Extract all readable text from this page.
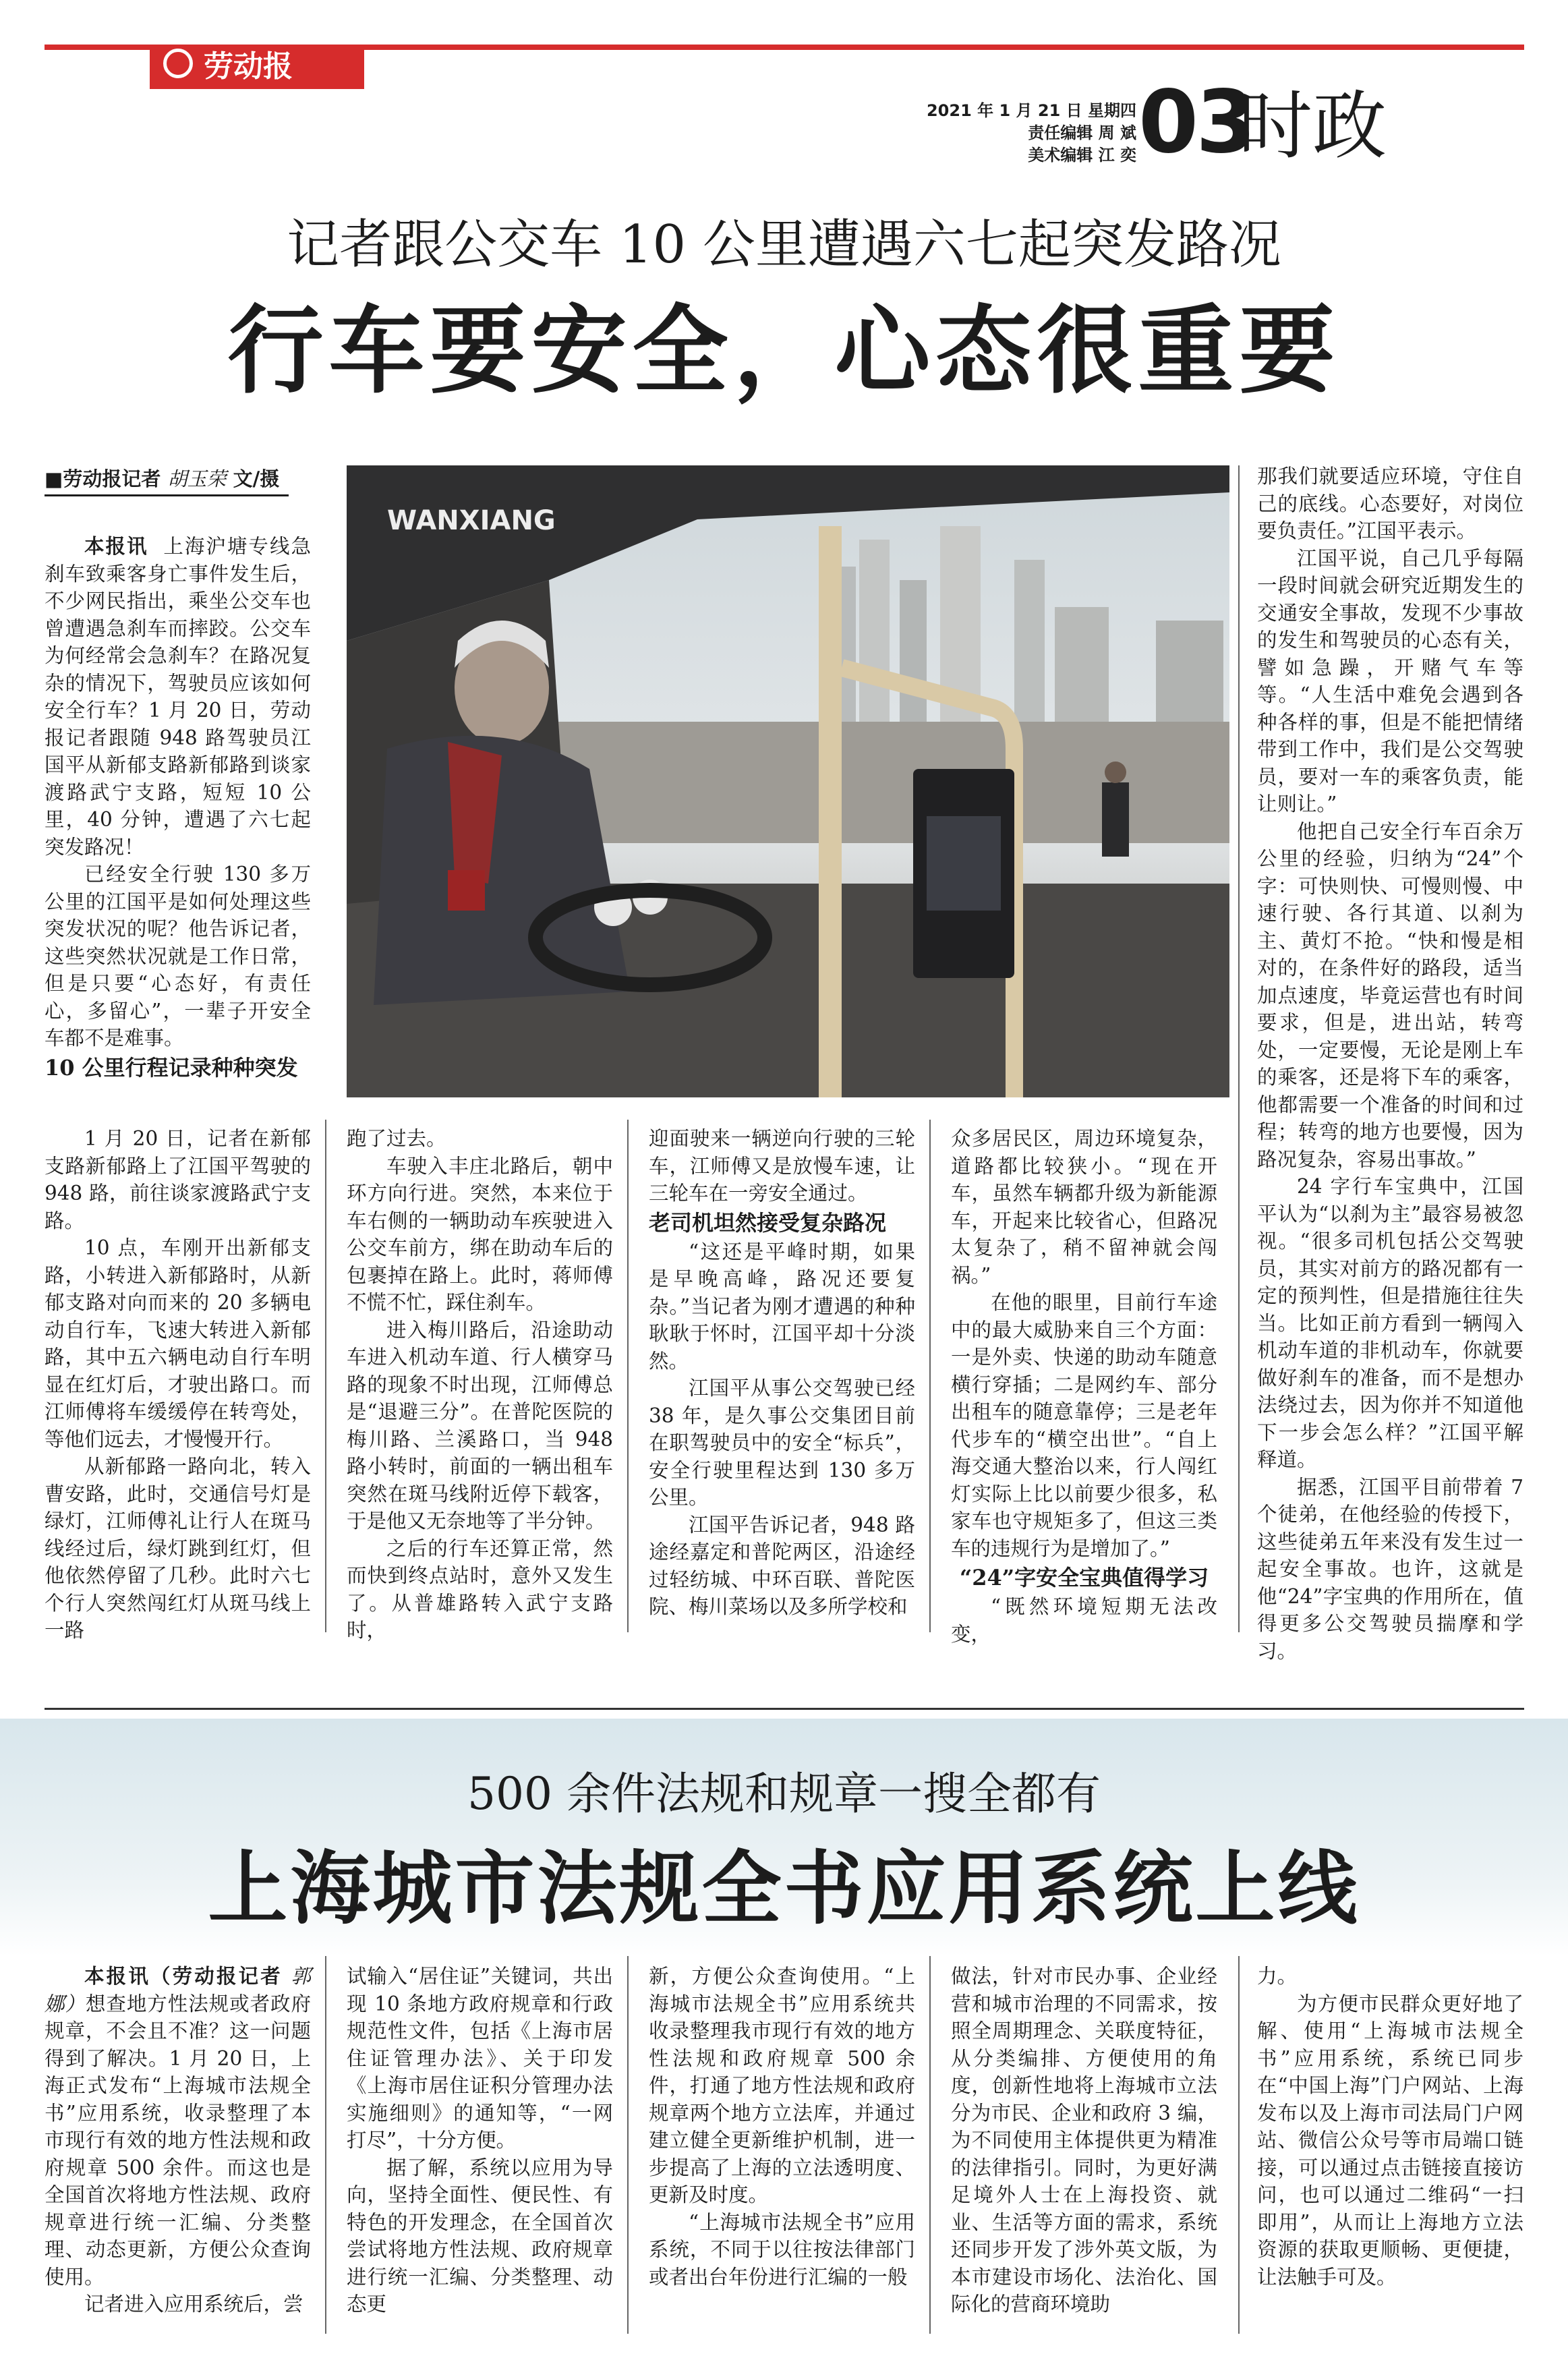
劳动报
2021 年 1 月 21 日 星期四
责任编辑 周 斌
美术编辑 江 奕 03
时政
记者跟公交车 10 公里遭遇六七起突发路况
行车要安全，心态很重要
■劳动报记者 胡玉荣 文/摄
WANXIANG

本报讯 上海沪塘专线急刹车致乘客身亡事件发生后，不少网民指出，乘坐公交车也曾遭遇急刹车而摔跤。公交车为何经常会急刹车？在路况复杂的情况下，驾驶员应该如何安全行车？1 月 20 日，劳动报记者跟随 948 路驾驶员江国平从新郁支路新郁路到谈家渡路武宁支路，短短 10 公里，40 分钟，遭遇了六七起突发路况！

已经安全行驶 130 多万公里的江国平是如何处理这些突发状况的呢？他告诉记者，这些突然状况就是工作日常，但是只要“心态好，有责任心，多留心”，一辈子开安全车都不是难事。

10 公里行程记录种种突发

1 月 20 日，记者在新郁支路新郁路上了江国平驾驶的 948 路，前往谈家渡路武宁支路。

10 点，车刚开出新郁支路，小转进入新郁路时，从新郁支路对向而来的 20 多辆电动自行车，飞速大转进入新郁路，其中五六辆电动自行车明显在红灯后，才驶出路口。而江师傅将车缓缓停在转弯处，等他们远去，才慢慢开行。

从新郁路一路向北，转入曹安路，此时，交通信号灯是绿灯，江师傅礼让行人在斑马线经过后，绿灯跳到红灯，但他依然停留了几秒。此时六七个行人突然闯红灯从斑马线上一路

跑了过去。

车驶入丰庄北路后，朝中环方向行进。突然，本来位于车右侧的一辆助动车疾驶进入公交车前方，绑在助动车后的包裹掉在路上。此时，蒋师傅不慌不忙，踩住刹车。

进入梅川路后，沿途助动车进入机动车道、行人横穿马路的现象不时出现，江师傅总是“退避三分”。在普陀医院的梅川路、兰溪路口，当 948 路小转时，前面的一辆出租车突然在斑马线附近停下载客，于是他又无奈地等了半分钟。

之后的行车还算正常，然而快到终点站时，意外又发生了。从普雄路转入武宁支路时，

迎面驶来一辆逆向行驶的三轮车，江师傅又是放慢车速，让三轮车在一旁安全通过。

老司机坦然接受复杂路况

“这还是平峰时期，如果是早晚高峰，路况还要复杂。”当记者为刚才遭遇的种种耿耿于怀时，江国平却十分淡然。

江国平从事公交驾驶已经 38 年，是久事公交集团目前在职驾驶员中的安全“标兵”，安全行驶里程达到 130 多万公里。

江国平告诉记者，948 路途经嘉定和普陀两区，沿途经过轻纺城、中环百联、普陀医院、梅川菜场以及多所学校和

众多居民区，周边环境复杂，道路都比较狭小。“现在开车，虽然车辆都升级为新能源车，开起来比较省心，但路况太复杂了，稍不留神就会闯祸。”

在他的眼里，目前行车途中的最大威胁来自三个方面：一是外卖、快递的助动车随意横行穿插；二是网约车、部分出租车的随意靠停；三是老年代步车的“横空出世”。“自上海交通大整治以来，行人闯红灯实际上比以前要少很多，私家车也守规矩多了，但这三类车的违规行为是增加了。”

“24”字安全宝典值得学习

“既然环境短期无法改变，

那我们就要适应环境，守住自己的底线。心态要好，对岗位要负责任。”江国平表示。

江国平说，自己几乎每隔一段时间就会研究近期发生的交通安全事故，发现不少事故的发生和驾驶员的心态有关，譬如急躁，开赌气车等等。“人生活中难免会遇到各种各样的事，但是不能把情绪带到工作中，我们是公交驾驶员，要对一车的乘客负责，能让则让。”

他把自己安全行车百余万公里的经验，归纳为“24”个字：可快则快、可慢则慢、中速行驶、各行其道、以刹为主、黄灯不抢。“快和慢是相对的，在条件好的路段，适当加点速度，毕竟运营也有时间要求，但是，进出站，转弯处，一定要慢，无论是刚上车的乘客，还是将下车的乘客，他都需要一个准备的时间和过程；转弯的地方也要慢，因为路况复杂，容易出事故。”

24 字行车宝典中，江国平认为“以刹为主”最容易被忽视。“很多司机包括公交驾驶员，其实对前方的路况都有一定的预判性，但是措施往往失当。比如正前方看到一辆闯入机动车道的非机动车，你就要做好刹车的准备，而不是想办法绕过去，因为你并不知道他下一步会怎么样？”江国平解释道。

据悉，江国平目前带着 7 个徒弟，在他经验的传授下，这些徒弟五年来没有发生过一起安全事故。也许，这就是他“24”字宝典的作用所在，值得更多公交驾驶员揣摩和学习。

500 余件法规和规章一搜全都有
上海城市法规全书应用系统上线

本报讯（劳动报记者 郭娜）想查地方性法规或者政府规章，不会且不准？这一问题得到了解决。1 月 20 日，上海正式发布“上海城市法规全书”应用系统，收录整理了本市现行有效的地方性法规和政府规章 500 余件。而这也是全国首次将地方性法规、政府规章进行统一汇编、分类整理、动态更新，方便公众查询使用。

记者进入应用系统后，尝

试输入“居住证”关键词，共出现 10 条地方政府规章和行政规范性文件，包括《上海市居住证管理办法》、关于印发《上海市居住证积分管理办法实施细则》的通知等，“一网打尽”，十分方便。

据了解，系统以应用为导向，坚持全面性、便民性、有特色的开发理念，在全国首次尝试将地方性法规、政府规章进行统一汇编、分类整理、动态更

新，方便公众查询使用。“上海城市法规全书”应用系统共收录整理我市现行有效的地方性法规和政府规章 500 余件，打通了地方性法规和政府规章两个地方立法库，并通过建立健全更新维护机制，进一步提高了上海的立法透明度、更新及时度。

“上海城市法规全书”应用系统，不同于以往按法律部门或者出台年份进行汇编的一般

做法，针对市民办事、企业经营和城市治理的不同需求，按照全周期理念、关联度特征，从分类编排、方便使用的角度，创新性地将上海城市立法分为市民、企业和政府 3 编，为不同使用主体提供更为精准的法律指引。同时，为更好满足境外人士在上海投资、就业、生活等方面的需求，系统还同步开发了涉外英文版，为本市建设市场化、法治化、国际化的营商环境助

力。

为方便市民群众更好地了解、使用“上海城市法规全书”应用系统，系统已同步在“中国上海”门户网站、上海发布以及上海市司法局门户网站、微信公众号等市局端口链接，可以通过点击链接直接访问，也可以通过二维码“一扫即用”，从而让上海地方立法资源的获取更顺畅、更便捷，让法触手可及。
